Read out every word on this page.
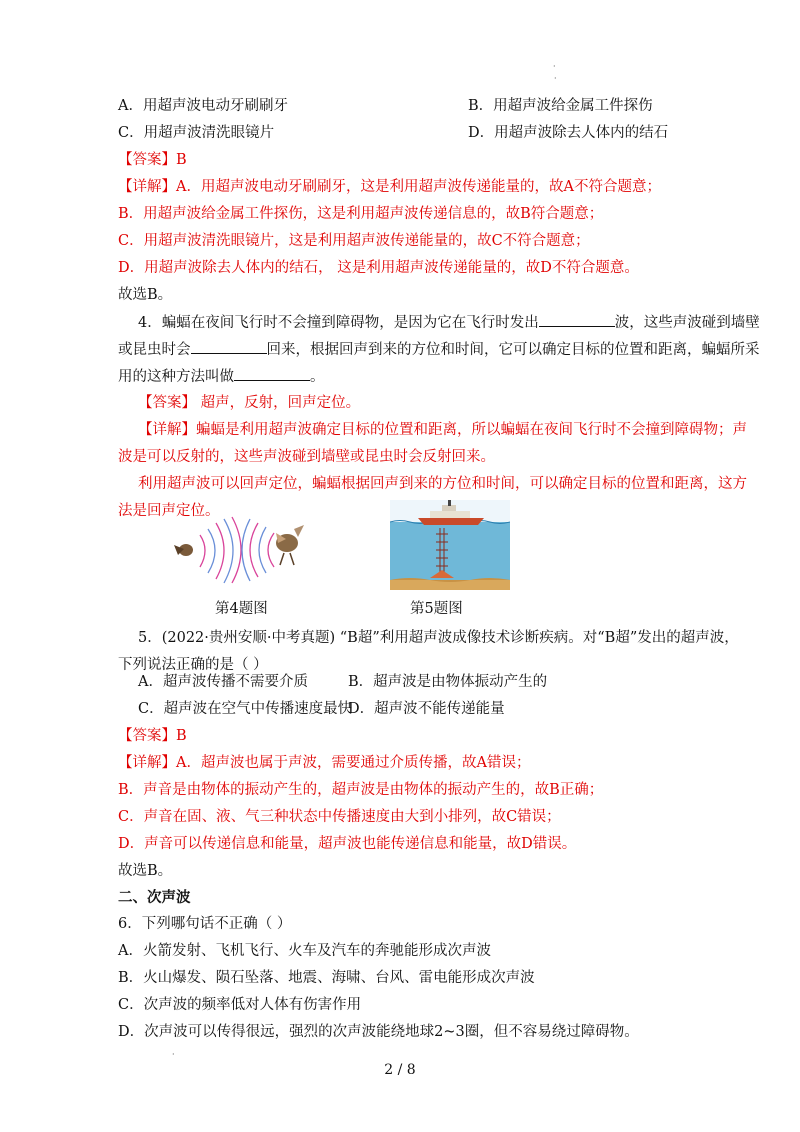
·
·
A．用超声波电动牙刷刷牙	B．用超声波给金属工件探伤
C．用超声波清洗眼镜片	D．用超声波除去人体内的结石
【答案】B
【详解】A．用超声波电动牙刷刷牙，这是利用超声波传递能量的，故A不符合题意；
B．用超声波给金属工件探伤，这是利用超声波传递信息的，故B符合题意；
C．用超声波清洗眼镜片，这是利用超声波传递能量的，故C不符合题意；
D．用超声波除去人体内的结石， 这是利用超声波传递能量的，故D不符合题意。
故选B。
4．蝙蝠在夜间飞行时不会撞到障碍物，是因为它在飞行时发出	波，这些声波碰到墙壁
或昆虫时会	回来，根据回声到来的方位和时间，它可以确定目标的位置和距离，蝙蝠所采
用的这种方法叫做	。
【答案】 超声，反射，回声定位。
【详解】蝙蝠是利用超声波确定目标的位置和距离，所以蝙蝠在夜间飞行时不会撞到障碍物；声
波是可以反射的，这些声波碰到墙壁或昆虫时会反射回来。
利用超声波可以回声定位，蝙蝠根据回声到来的方位和时间，可以确定目标的位置和距离，这方
法是回声定位。
第4题图	第5题图
5．(2022·贵州安顺·中考真题) “B超”利用超声波成像技术诊断疾病。对“B超”发出的超声波，
下列说法正确的是（ ）
A．超声波传播不需要介质	B．超声波是由物体振动产生的
C．超声波在空气中传播速度最快
D．超声波不能传递能量
【答案】B
【详解】A．超声波也属于声波，需要通过介质传播，故A错误；
B．声音是由物体的振动产生的，超声波是由物体的振动产生的，故B正确；
C．声音在固、液、气三种状态中传播速度由大到小排列，故C错误；
D．声音可以传递信息和能量，超声波也能传递信息和能量，故D错误。
故选B。
二、次声波
6．下列哪句话不正确（ ）
A．火箭发射、飞机飞行、火车及汽车的奔驰能形成次声波
B．火山爆发、陨石坠落、地震、海啸、台风、雷电能形成次声波
C．次声波的频率低对人体有伤害作用
D．次声波可以传得很远，强烈的次声波能绕地球2~3圈，但不容易绕过障碍物。
·
2 / 8
